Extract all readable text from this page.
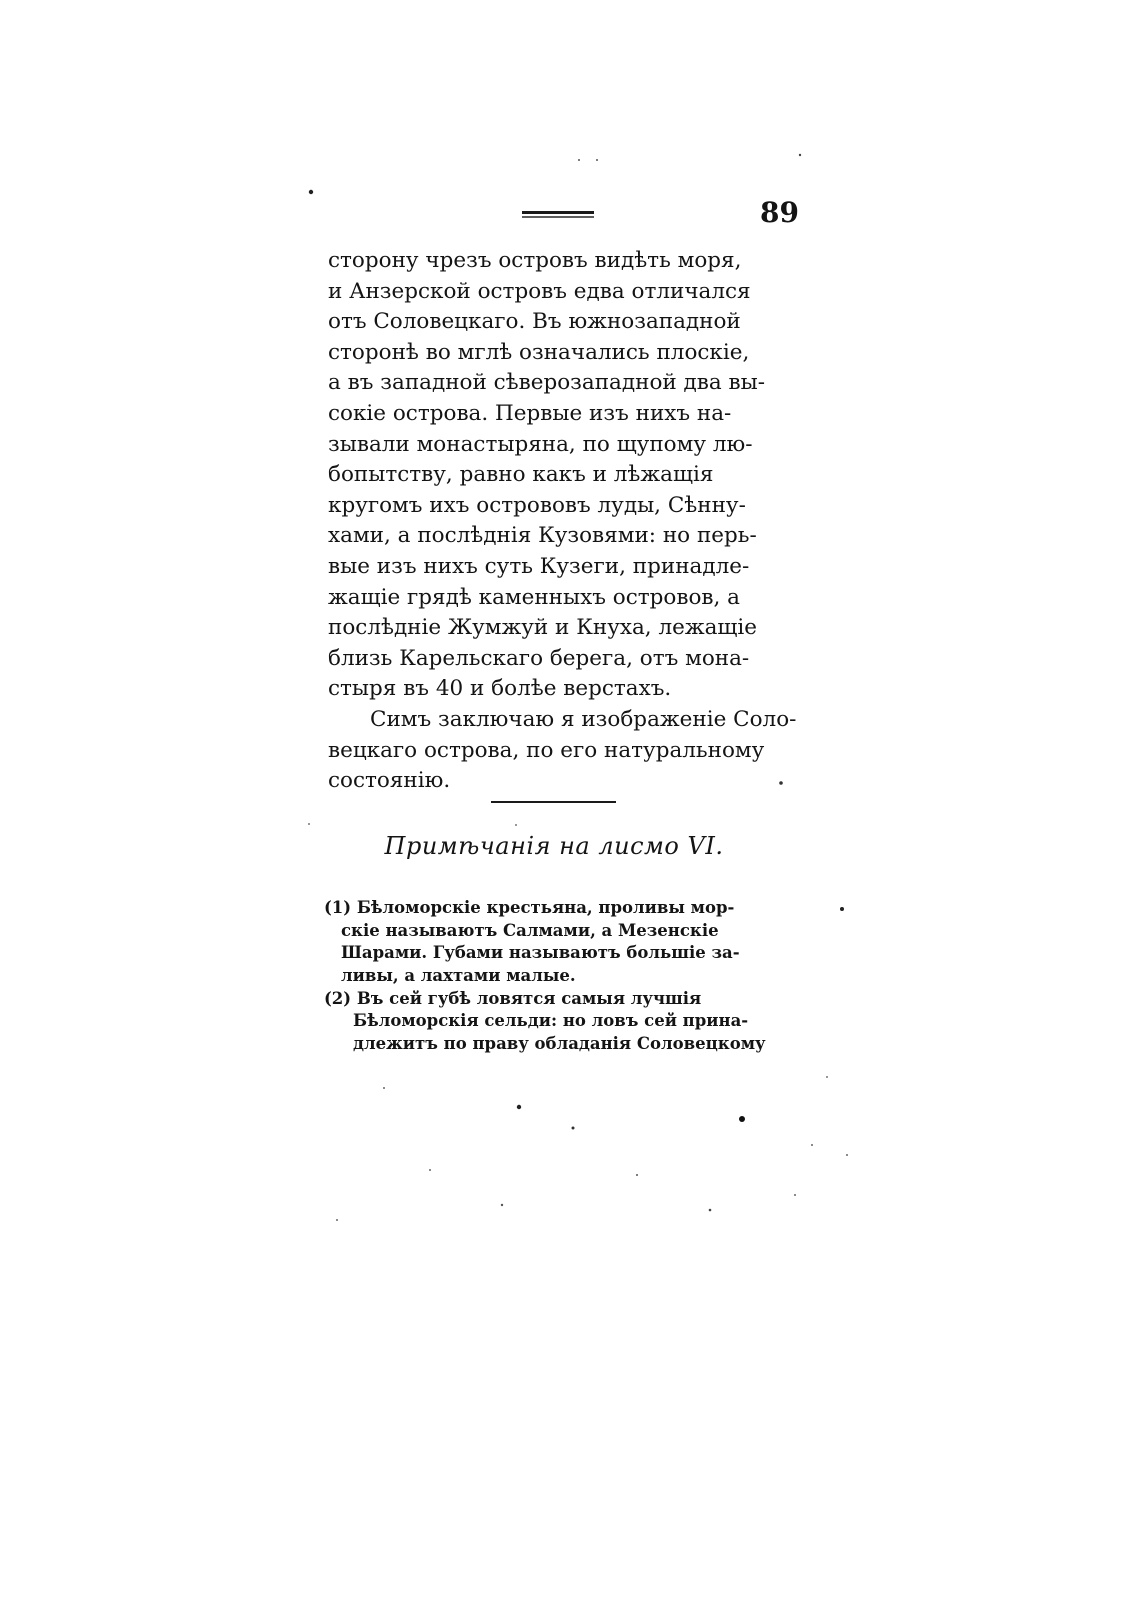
89
сторону чрезъ островъ видѣть моря,
и Анзерской островъ едва отличался
отъ Соловецкаго. Въ южнозападной
сторонѣ во мглѣ означались плоскіе,
а въ западной сѣверозападной два вы-
сокіе острова. Первые изъ нихъ на-
зывали монастыряна, по щупому лю-
бопытству, равно какъ и лѣжащія
кругомъ ихъ острововъ луды, Сѣнну-
хами, а послѣднія Кузовями: но перь-
вые изъ нихъ суть Кузеги, принадле-
жащіе грядѣ каменныхъ островов, а
послѣдніе Жумжуй и Кнуха, лежащіе
близь Карельскаго берега, отъ мона-
стыря въ 40 и болѣе верстахъ.
Симъ заключаю я изображеніе Соло-
вецкаго острова, по его натуральному
состоянію.
Примѣчанія на лисмо VI.
(1) Бѣломорскіе крестьяна, проливы мор-
скіе называютъ Салмами, а Мезенскіе
Шарами. Губами называютъ большіе за-
ливы, а лахтами малые.
(2) Въ сей губѣ ловятся самыя лучшія
Бѣломорскія сельди: но ловъ сей прина-
длежитъ по праву обладанія Соловецкому
